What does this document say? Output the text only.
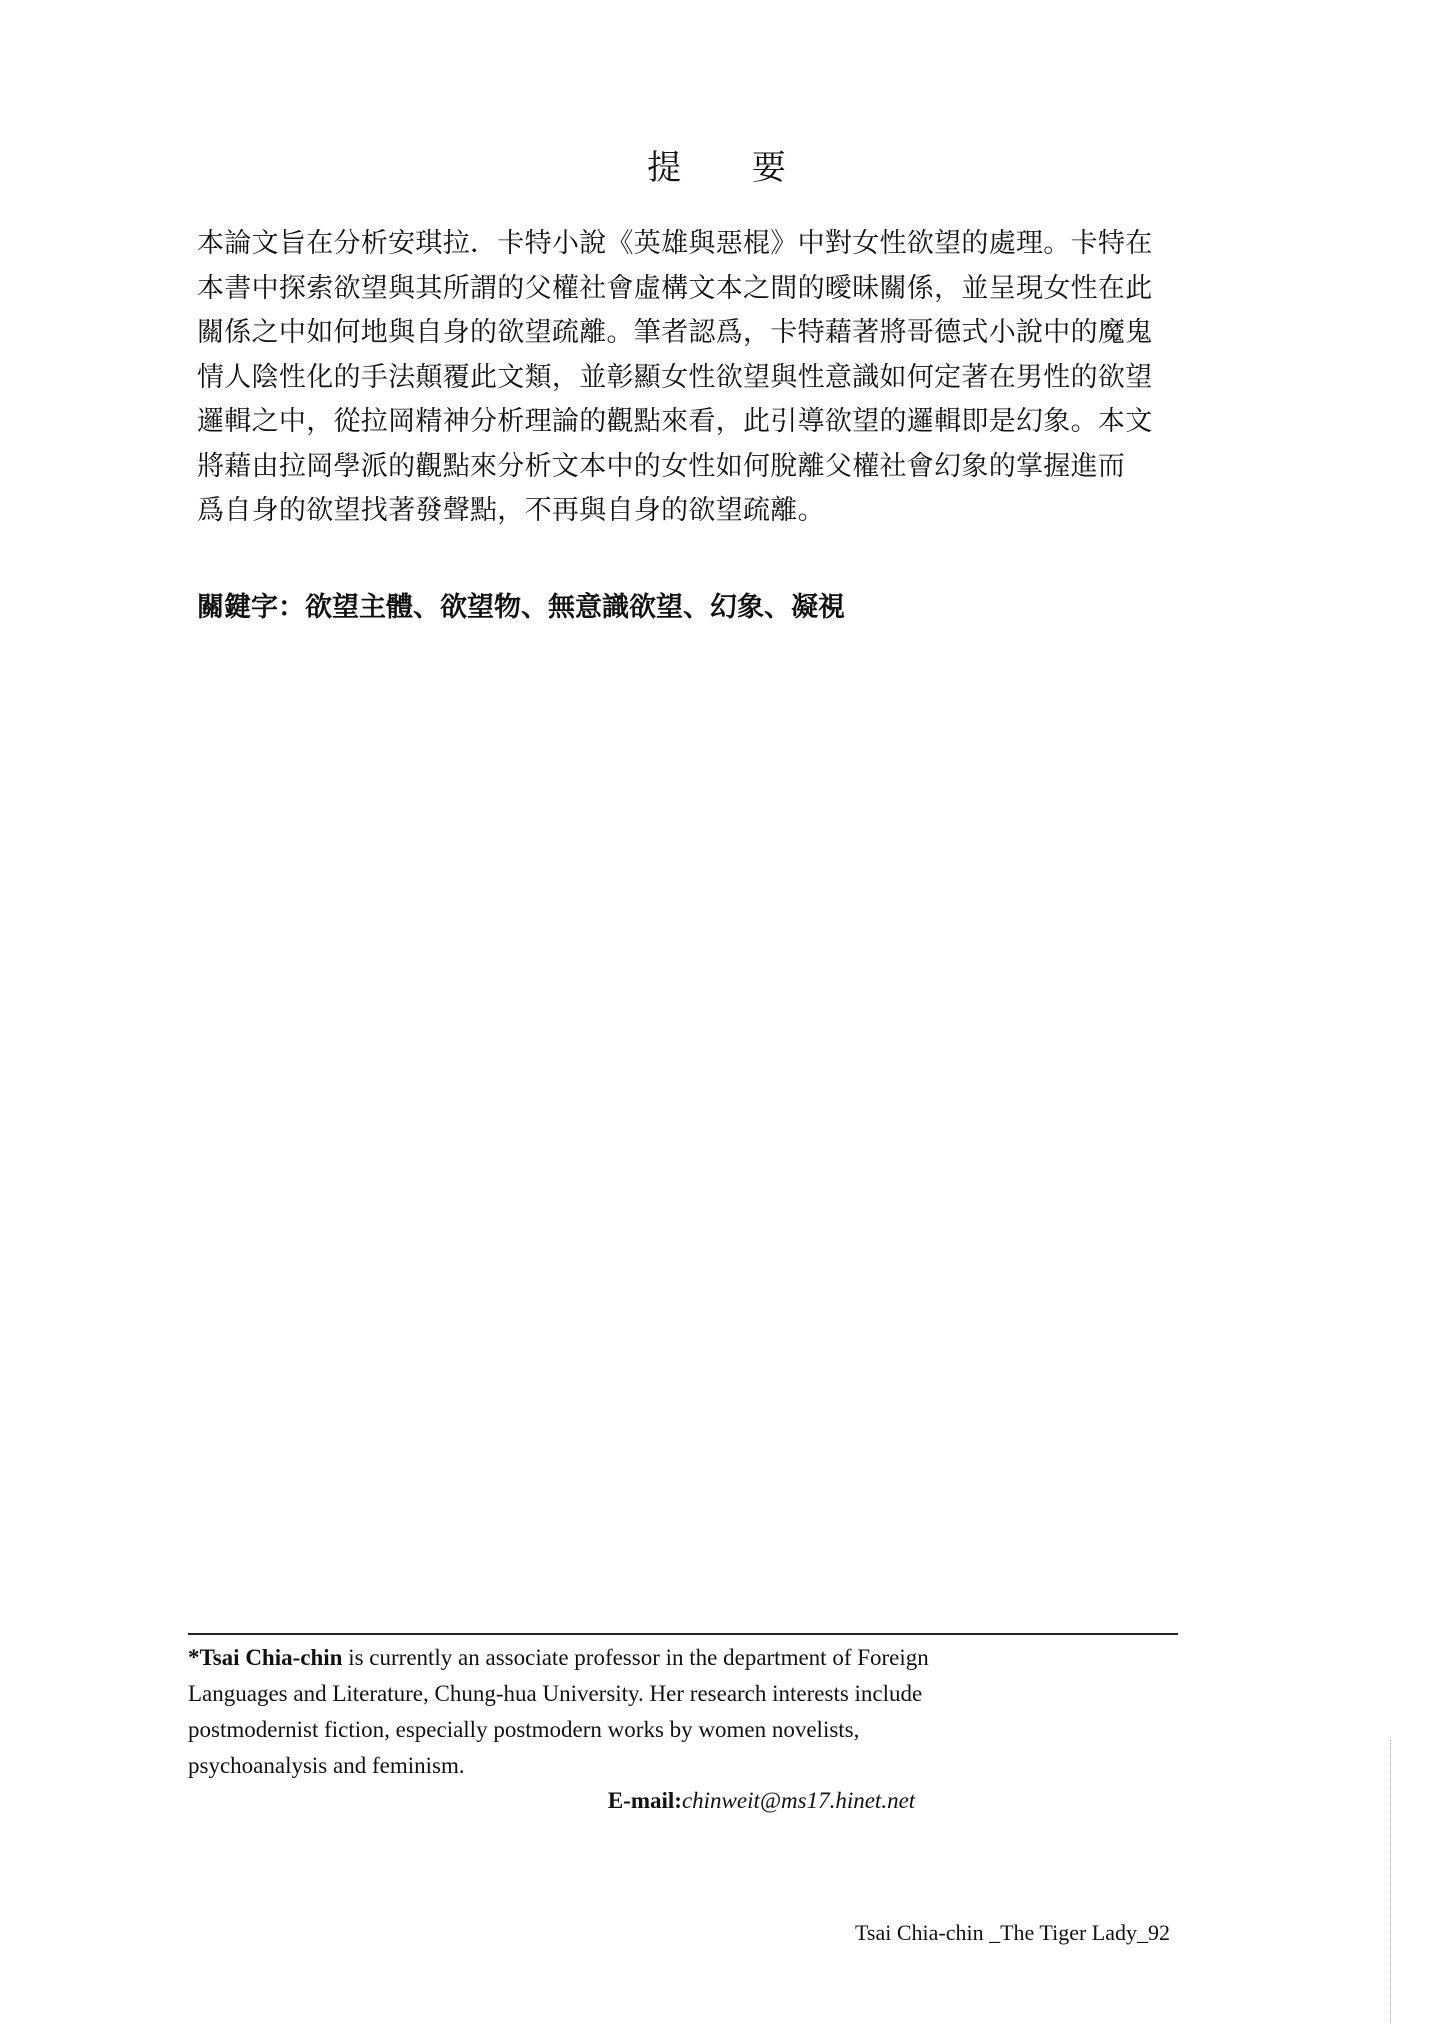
提 要
本論文旨在分析安琪拉．卡特小說《英雄與惡棍》中對女性欲望的處理。卡特在
本書中探索欲望與其所謂的父權社會虛構文本之間的曖昧關係，並呈現女性在此
關係之中如何地與自身的欲望疏離。筆者認爲，卡特藉著將哥德式小說中的魔鬼
情人陰性化的手法顛覆此文類，並彰顯女性欲望與性意識如何定著在男性的欲望
邏輯之中，從拉岡精神分析理論的觀點來看，此引導欲望的邏輯即是幻象。本文
將藉由拉岡學派的觀點來分析文本中的女性如何脫離父權社會幻象的掌握進而
爲自身的欲望找著發聲點，不再與自身的欲望疏離。
關鍵字：欲望主體、欲望物、無意識欲望、幻象、凝視
*Tsai Chia-chin is currently an associate professor in the department of Foreign
Languages and Literature, Chung-hua University. Her research interests include
postmodernist fiction, especially postmodern works by women novelists,
psychoanalysis and feminism.
E-mail:chinweit@ms17.hinet.net
Tsai Chia-chin _The Tiger Lady_92
